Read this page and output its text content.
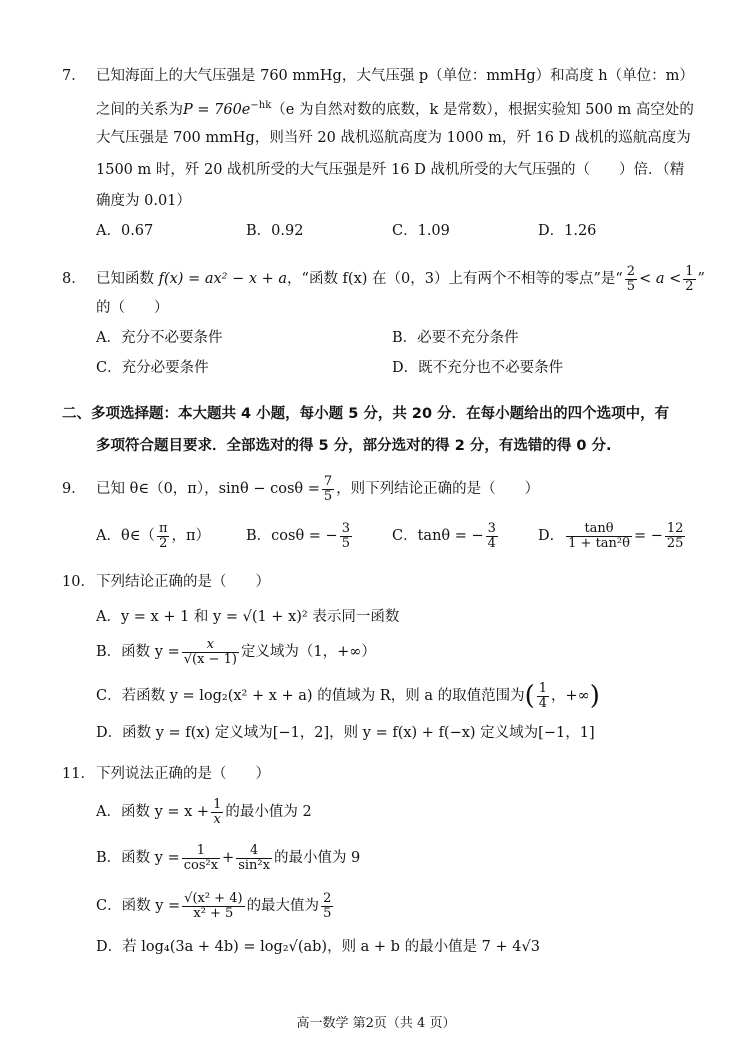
7． 已知海面上的大气压强是 760 mmHg，大气压强 p（单位：mmHg）和高度 h（单位：m）
之间的关系为$P = 760e^{-hk}(e$ 为自然对数的底数，k 是常数），根据实验知 500 m 高空处的
大气压强是 700 mmHg，则当歼 20 战机巡航高度为 1000 m，歼 16 D 战机的巡航高度为
1500 m 时，歼 20 战机所受的大气压强是歼 16 D 战机所受的大气压强的（　　）倍．（精
确度为 0.01）
A．0.67	B．0.92	C．1.09	D．1.26
8． 已知函数 f(x) = ax² − x + a，“函数 f(x) 在（0，3）上有两个不相等的零点”是“ $\frac{2}{5} < a < \frac{1}{2}$ ”
的（　　）
A．充分不必要条件	B．必要不充分条件
C．充分必要条件	D．既不充分也不必要条件
二、多项选择题：本大题共 4 小题，每小题 5 分，共 20 分．在每小题给出的四个选项中，有
多项符合题目要求．全部选对的得 5 分，部分选对的得 2 分，有选错的得 0 分.
9． 已知 θ∈（0，π），$\sin\theta - \cos\theta = \frac{7}{5}$ ，则下列结论正确的是（　　）
A．θ∈（ $\frac{\pi}{2}$ ，π） B．cosθ = − $\frac{3}{5}$	C．tanθ = − $\frac{3}{4}$	D． $\frac{\tan\theta}{\text{1 + tan²θ}}$ = − $\frac{12}{25}$
10．下列结论正确的是（　　）
A．y = x + 1 和 y = √(1 + x)² 表示同一函数
B．函数 $y = \frac{x}{√(x - 1)}$ 定义域为（1，+∞）
C．若函数 y = log₂(x² + x + a) 的值域为 R，则 a 的取值范围为( $\frac{1}{4}$ ，+∞)
D．函数 y = f(x) 定义域为[−1，2]，则 y = f(x) + f(−x) 定义域为[−1，1]
11．下列说法正确的是（　　）
A．函数 $y = x + \frac{1}{x}$ 的最小值为 2
B．函数 $y = \frac{1}{\text{cos²x}} + \frac{4}{\text{sin²x}}$ 的最小值为 9
C．函数 $y = \frac{\text{√(x² + 4)}}{\text{x² + 5}}$ 的最大值为 $\frac{2}{5}$
D．若 log₄(3a + 4b) = log₂√(ab)，则 a + b 的最小值是 7 + 4√3
高一数学 第2页（共 4 页）
